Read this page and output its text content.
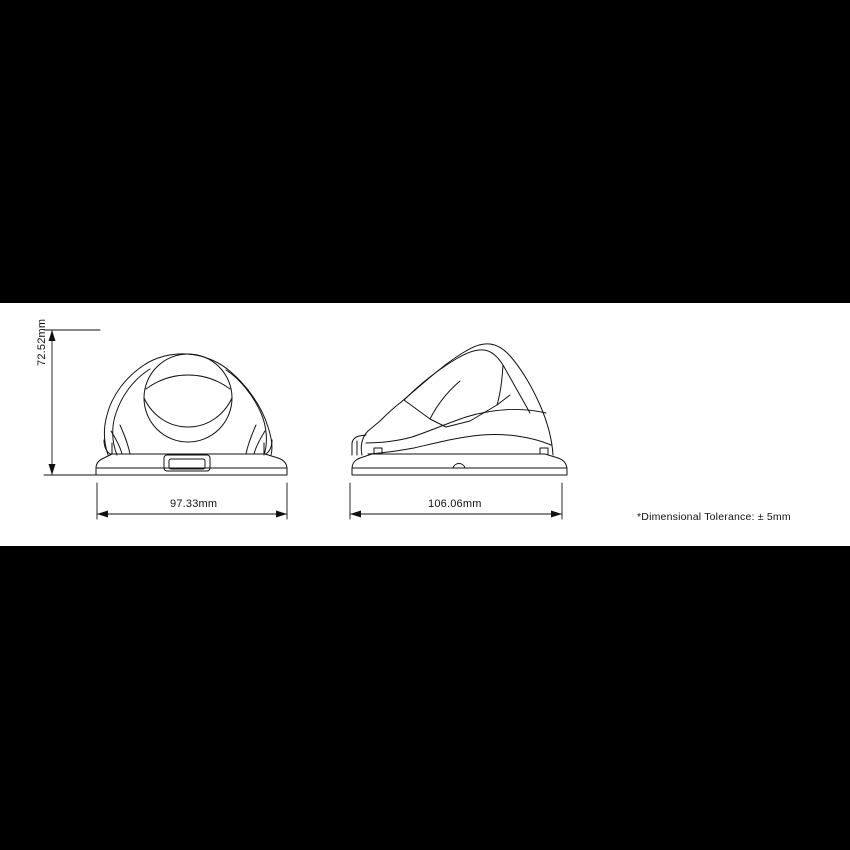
72.52mm
97.33mm	106.06mm
*Dimensional Tolerance: ± 5mm
